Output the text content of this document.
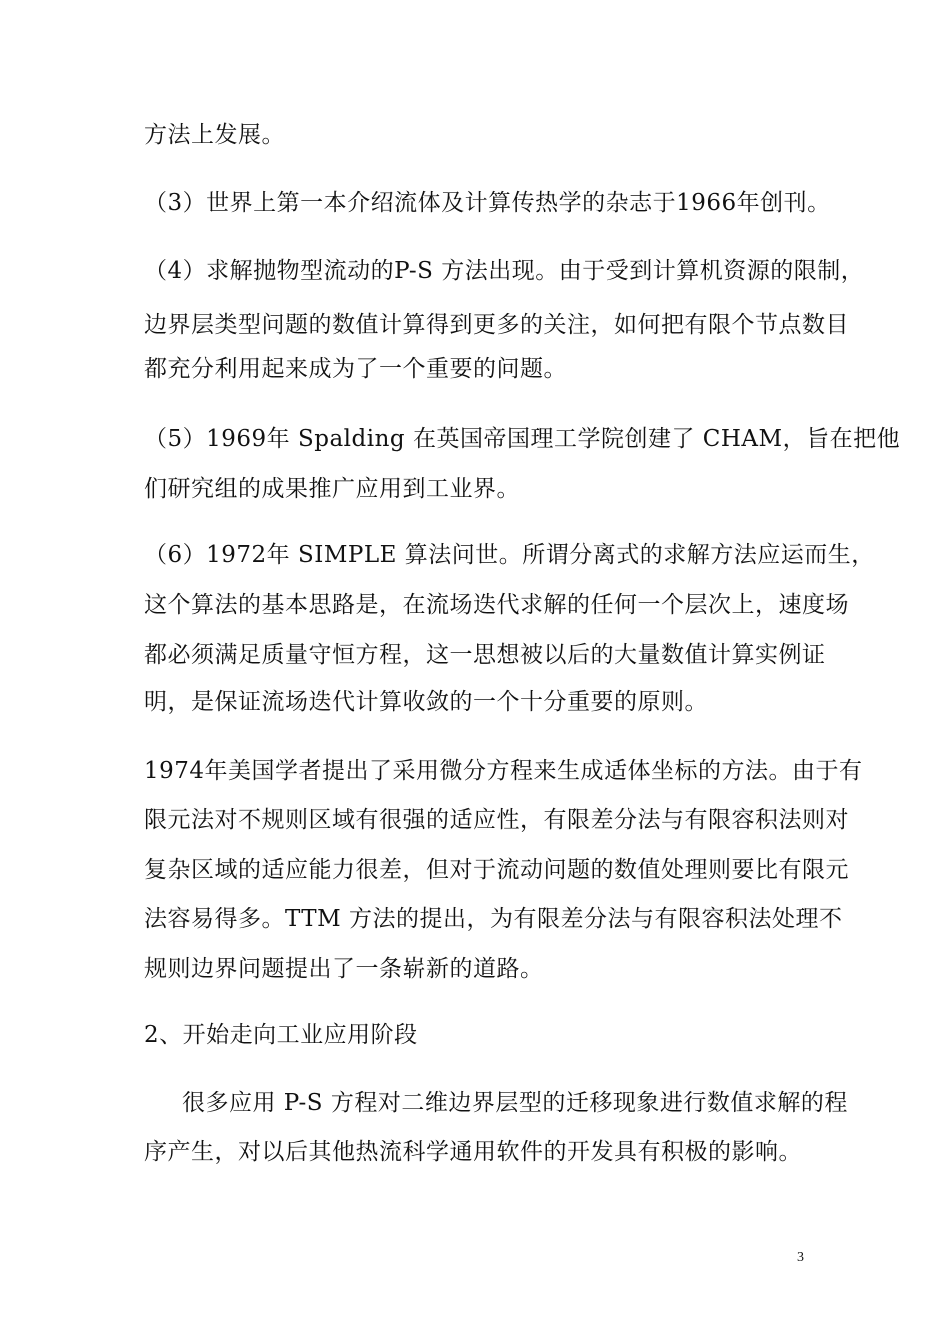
方法上发展。
（3）世界上第一本介绍流体及计算传热学的杂志于1966年创刊。
（4）求解抛物型流动的P-S 方法出现。由于受到计算机资源的限制，
边界层类型问题的数值计算得到更多的关注，如何把有限个节点数目
都充分利用起来成为了一个重要的问题。
（5）1969年 Spalding 在英国帝国理工学院创建了 CHAM，旨在把他
们研究组的成果推广应用到工业界。
（6）1972年 SIMPLE 算法问世。所谓分离式的求解方法应运而生，
这个算法的基本思路是，在流场迭代求解的任何一个层次上，速度场
都必须满足质量守恒方程，这一思想被以后的大量数值计算实例证
明，是保证流场迭代计算收敛的一个十分重要的原则。
1974年美国学者提出了采用微分方程来生成适体坐标的方法。由于有
限元法对不规则区域有很强的适应性，有限差分法与有限容积法则对
复杂区域的适应能力很差，但对于流动问题的数值处理则要比有限元
法容易得多。TTM 方法的提出，为有限差分法与有限容积法处理不
规则边界问题提出了一条崭新的道路。
2、开始走向工业应用阶段
很多应用 P-S 方程对二维边界层型的迁移现象进行数值求解的程
序产生，对以后其他热流科学通用软件的开发具有积极的影响。
3
